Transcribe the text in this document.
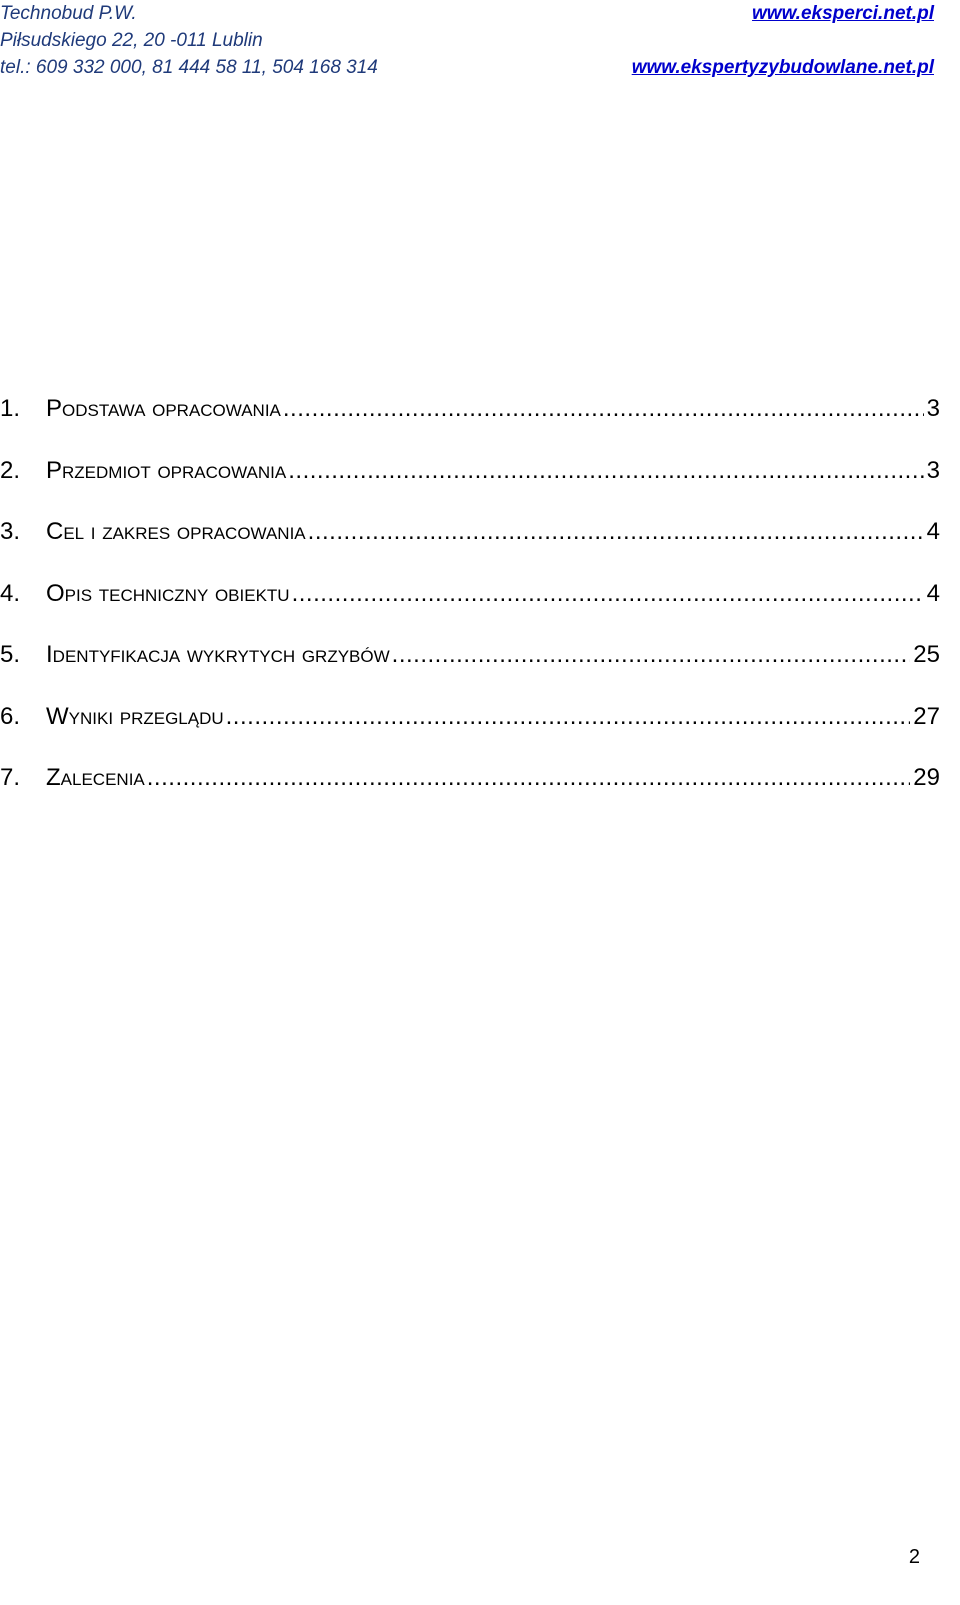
Technobud P.W.
Piłsudskiego 22, 20 -011 Lublin
tel.: 609 332 000, 81 444 58 11, 504 168 314
www.eksperci.net.pl
www.ekspertyzybudowlane.net.pl
1.	podstawa opracowania .....	3
2.	przedmiot opracowania .....	3
3.	cel i zakres opracowania .....	4
4.	opis techniczny obiektu .....	4
5.	identyfikacja wykrytych grzybów .....	25
6.	wyniki przeglądu .....	27
7.	zalecenia .....	29
2
